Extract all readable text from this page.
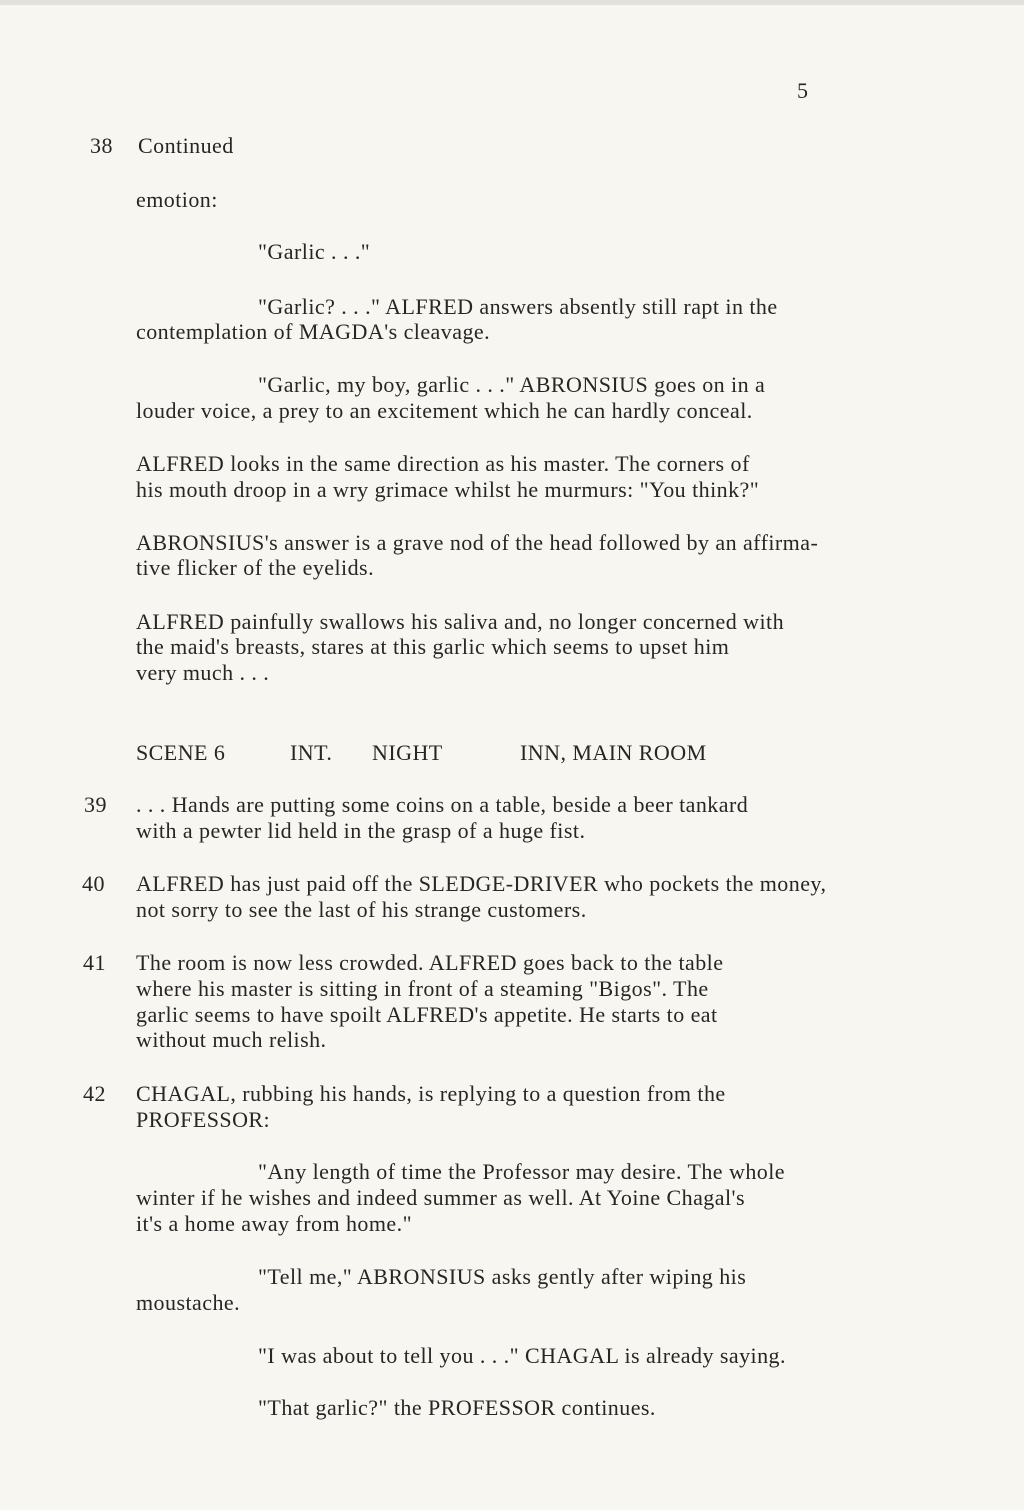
5
38 Continued
emotion:
"Garlic . . ."
"Garlic? . . ." ALFRED answers absently still rapt in the
contemplation of MAGDA's cleavage.
"Garlic, my boy, garlic . . ." ABRONSIUS goes on in a
louder voice, a prey to an excitement which he can hardly conceal.
ALFRED looks in the same direction as his master. The corners of
his mouth droop in a wry grimace whilst he murmurs: "You think?"
ABRONSIUS's answer is a grave nod of the head followed by an affirma-
tive flicker of the eyelids.
ALFRED painfully swallows his saliva and, no longer concerned with
the maid's breasts, stares at this garlic which seems to upset him
very much . . .
SCENE 6	INT. NIGHT	INN, MAIN ROOM
39 . . . Hands are putting some coins on a table, beside a beer tankard
with a pewter lid held in the grasp of a huge fist.
40 ALFRED has just paid off the SLEDGE-DRIVER who pockets the money,
not sorry to see the last of his strange customers.
41 The room is now less crowded. ALFRED goes back to the table
where his master is sitting in front of a steaming "Bigos". The
garlic seems to have spoilt ALFRED's appetite. He starts to eat
without much relish.
42 CHAGAL, rubbing his hands, is replying to a question from the
PROFESSOR:
"Any length of time the Professor may desire. The whole
winter if he wishes and indeed summer as well. At Yoine Chagal's
it's a home away from home."
"Tell me," ABRONSIUS asks gently after wiping his
moustache.
"I was about to tell you . . ." CHAGAL is already saying.
"That garlic?" the PROFESSOR continues.
